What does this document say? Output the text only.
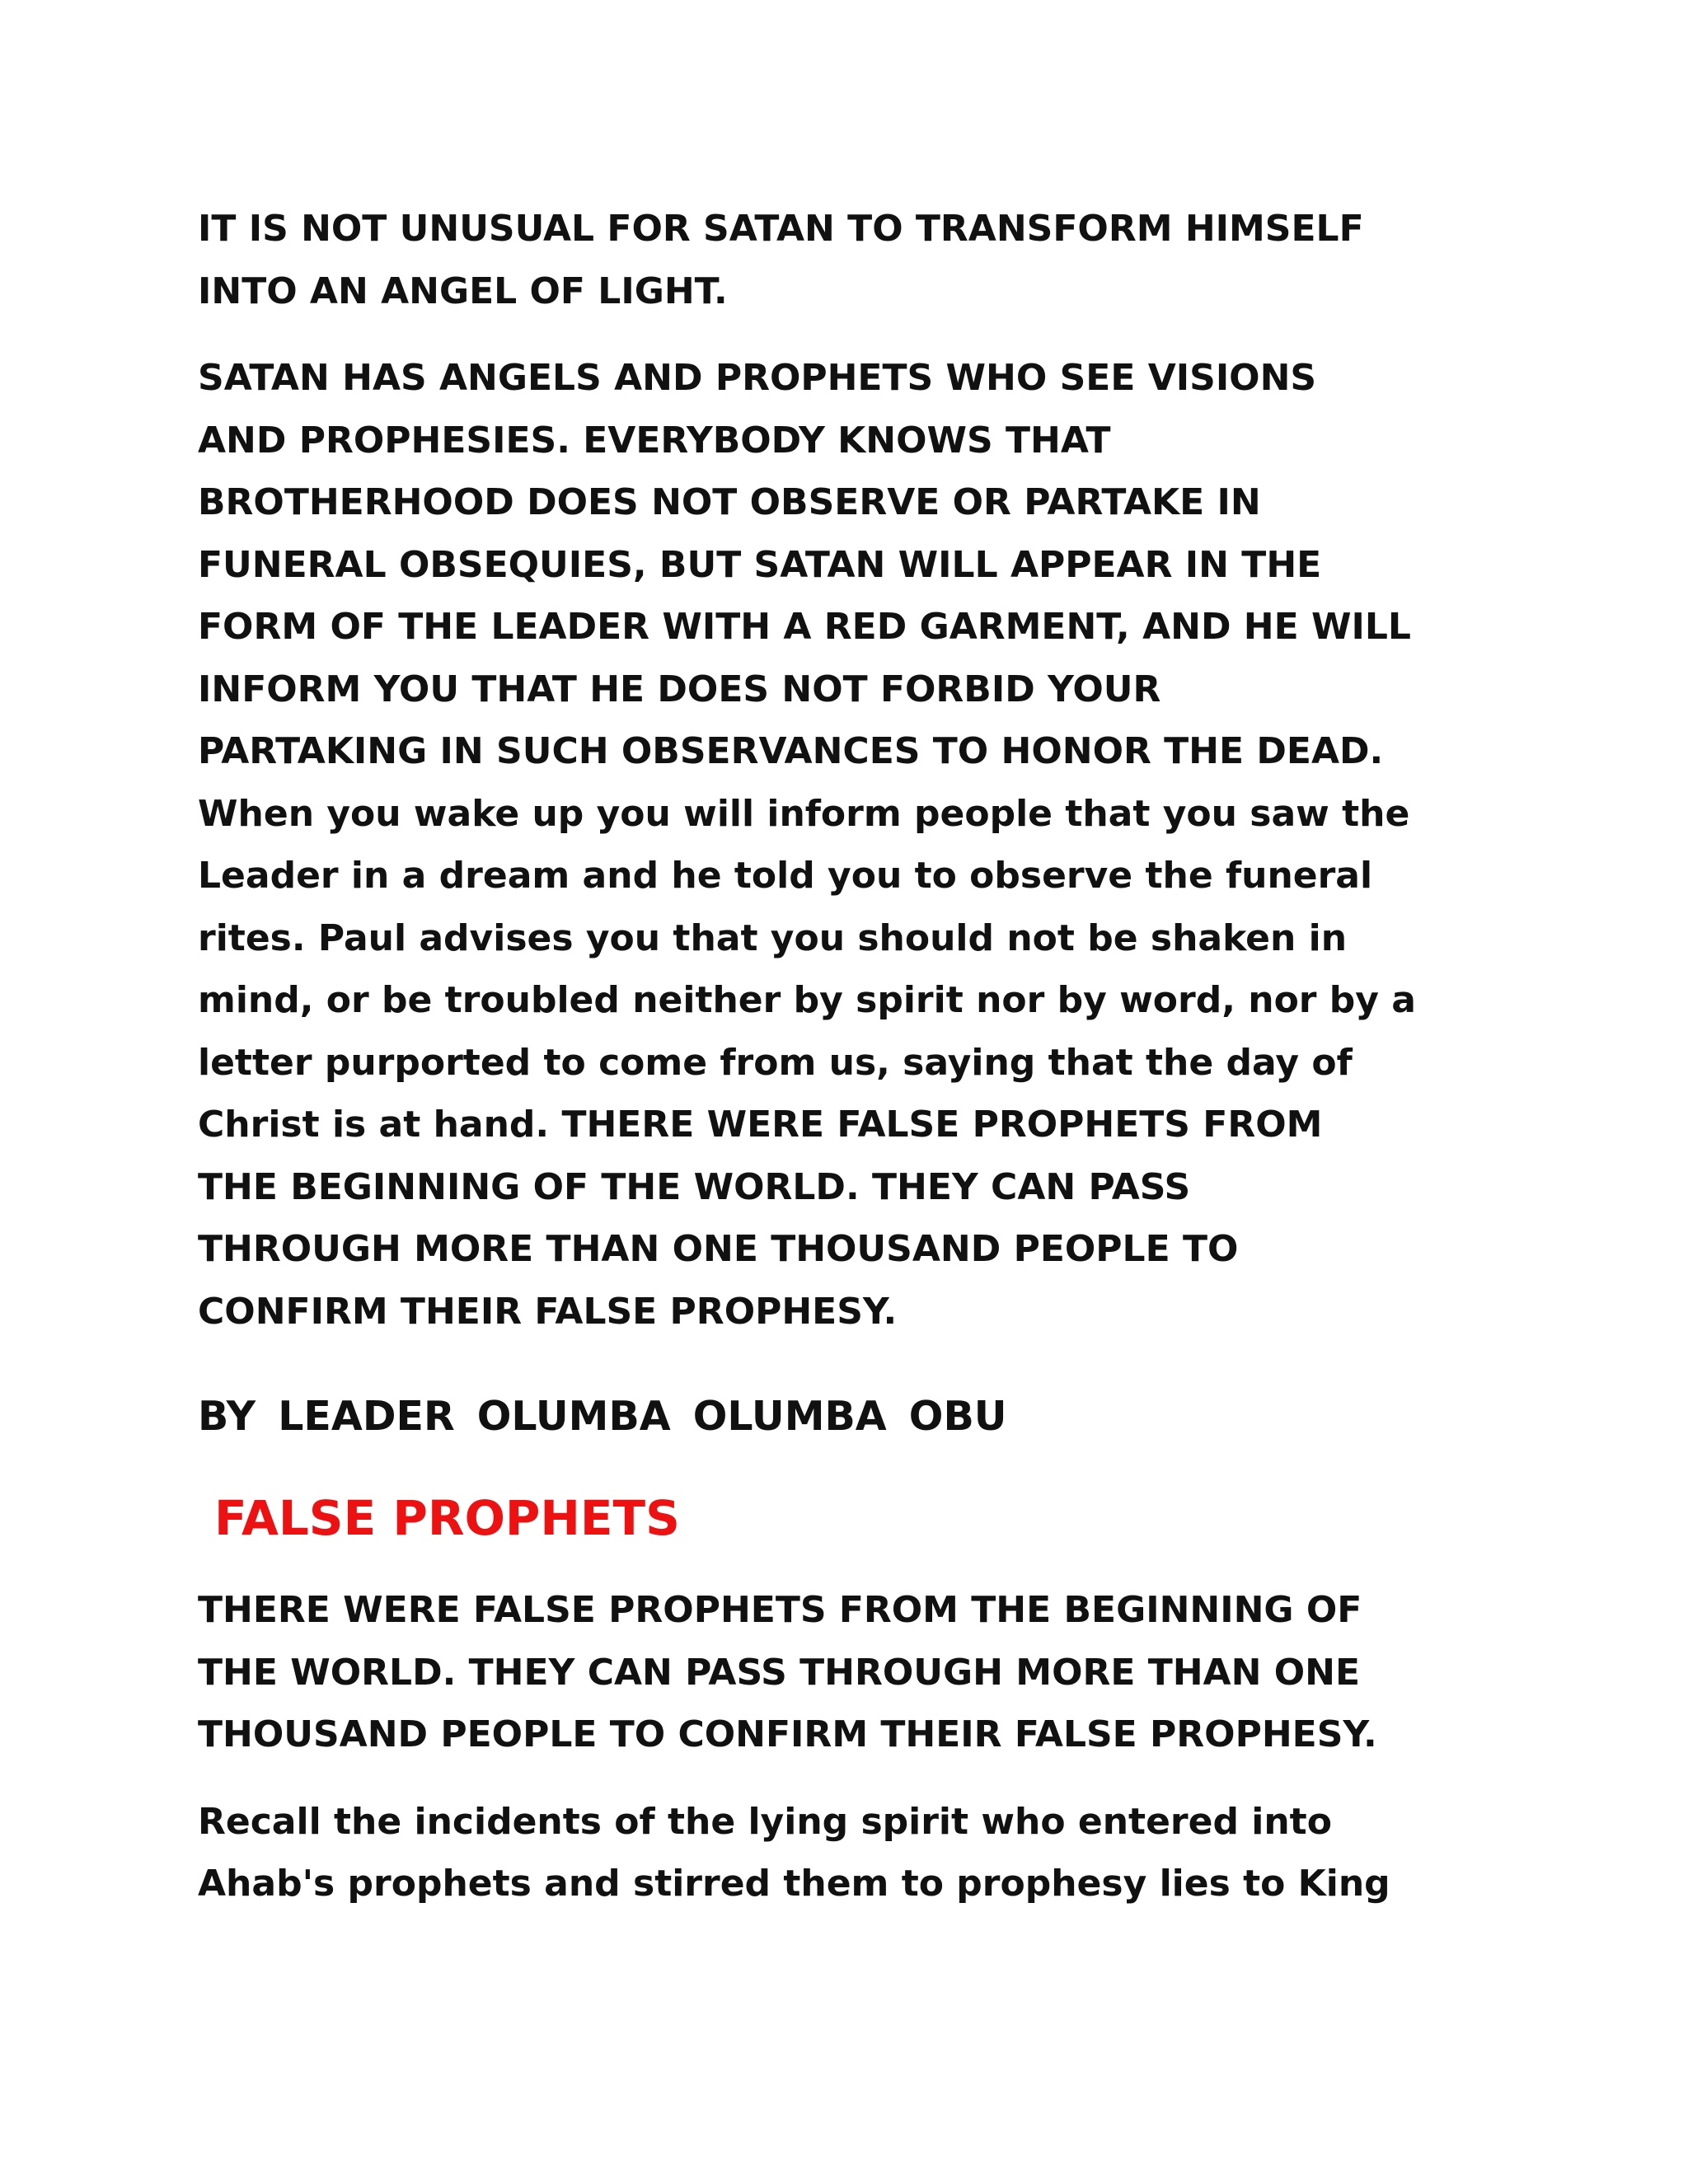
IT IS NOT UNUSUAL FOR SATAN TO TRANSFORM HIMSELF
INTO AN ANGEL OF LIGHT.

SATAN HAS ANGELS AND PROPHETS WHO SEE VISIONS
AND PROPHESIES. EVERYBODY KNOWS THAT
BROTHERHOOD DOES NOT OBSERVE OR PARTAKE IN
FUNERAL OBSEQUIES, BUT SATAN WILL APPEAR IN THE
FORM OF THE LEADER WITH A RED GARMENT, AND HE WILL
INFORM YOU THAT HE DOES NOT FORBID YOUR
PARTAKING IN SUCH OBSERVANCES TO HONOR THE DEAD.
When you wake up you will inform people that you saw the
Leader in a dream and he told you to observe the funeral
rites. Paul advises you that you should not be shaken in
mind, or be troubled neither by spirit nor by word, nor by a
letter purported to come from us, saying that the day of
Christ is at hand. THERE WERE FALSE PROPHETS FROM
THE BEGINNING OF THE WORLD. THEY CAN PASS
THROUGH MORE THAN ONE THOUSAND PEOPLE TO
CONFIRM THEIR FALSE PROPHESY.

BY LEADER OLUMBA OLUMBA OBU

FALSE PROPHETS

THERE WERE FALSE PROPHETS FROM THE BEGINNING OF
THE WORLD. THEY CAN PASS THROUGH MORE THAN ONE
THOUSAND PEOPLE TO CONFIRM THEIR FALSE PROPHESY.

Recall the incidents of the lying spirit who entered into
Ahab's prophets and stirred them to prophesy lies to King
